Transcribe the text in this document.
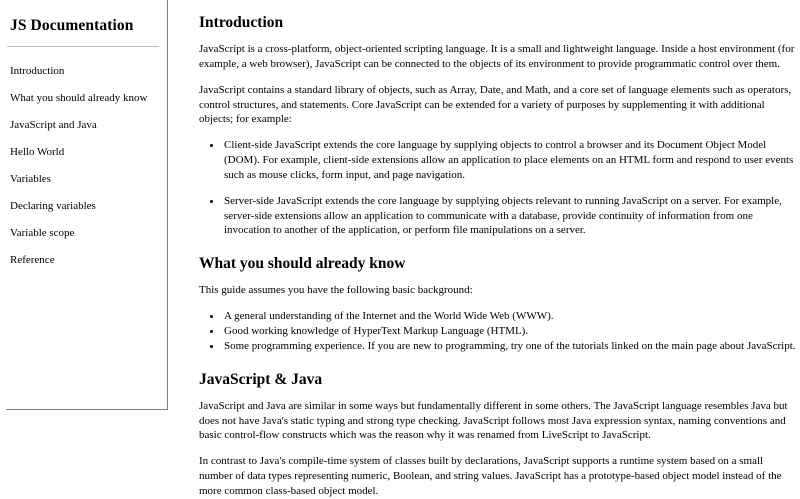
JS Documentation
Introduction
What you should already know
JavaScript and Java
Hello World
Variables
Declaring variables
Variable scope
Reference
Introduction

JavaScript is a cross-platform, object-oriented scripting language. It is a small and lightweight language. Inside a host environment (for example, a web browser), JavaScript can be connected to the objects of its environment to provide programmatic control over them.

JavaScript contains a standard library of objects, such as Array, Date, and Math, and a core set of language elements such as operators, control structures, and statements. Core JavaScript can be extended for a variety of purposes by supplementing it with additional objects; for example:

• Client-side JavaScript extends the core language by supplying objects to control a browser and its Document Object Model (DOM). For example, client-side extensions allow an application to place elements on an HTML form and respond to user events such as mouse clicks, form input, and page navigation.
• Server-side JavaScript extends the core language by supplying objects relevant to running JavaScript on a server. For example, server-side extensions allow an application to communicate with a database, provide continuity of information from one invocation to another of the application, or perform file manipulations on a server.
What you should already know

This guide assumes you have the following basic background:

• A general understanding of the Internet and the World Wide Web (WWW).
• Good working knowledge of HyperText Markup Language (HTML).
• Some programming experience. If you are new to programming, try one of the tutorials linked on the main page about JavaScript.
JavaScript & Java

JavaScript and Java are similar in some ways but fundamentally different in some others. The JavaScript language resembles Java but does not have Java's static typing and strong type checking. JavaScript follows most Java expression syntax, naming conventions and basic control-flow constructs which was the reason why it was renamed from LiveScript to JavaScript.

In contrast to Java's compile-time system of classes built by declarations, JavaScript supports a runtime system based on a small number of data types representing numeric, Boolean, and string values. JavaScript has a prototype-based object model instead of the more common class-based object model.
